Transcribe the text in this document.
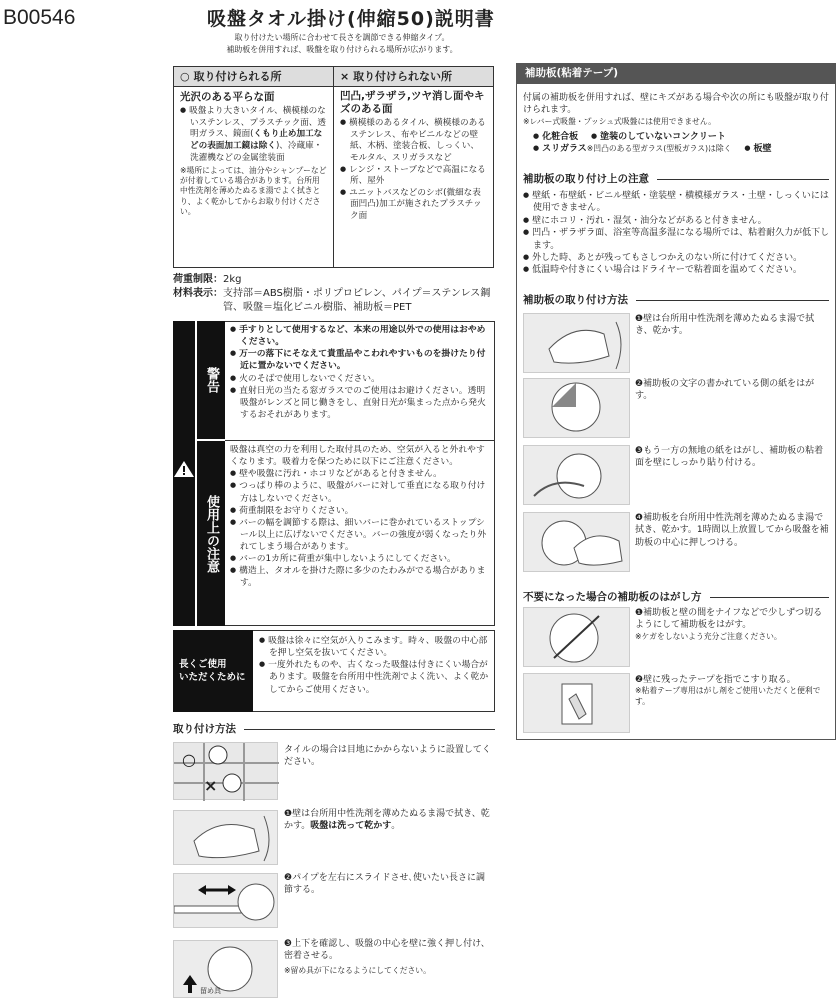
B00546	吸盤タオル掛け(伸縮50)説明書
取り付けたい場所に合わせて長さを調節できる伸縮タイプ。
補助板を併用すれば、吸盤を取り付けられる場所が広がります。
○ 取り付けられる所
光沢のある平らな面
● 吸盤より大きいタイル、横模様のないステンレス、プラスチック面、透明ガラス、鏡面(くもり止め加工などの表面加工鏡は除く)、冷蔵庫・洗濯機などの金属塗装面
※場所によっては、油分やシャンプーなどが付着している場合があります。台所用中性洗剤を薄めたぬるま湯でよく拭きとり、よく乾かしてからお取り付けください。
× 取り付けられない所
凹凸,ザラザラ,ツヤ消し面やキズのある面
● 横模様のあるタイル、横模様のあるステンレス、布やビニルなどの壁紙、木柄、塗装合板、しっくい、モルタル、スリガラスなど
● レンジ・ストーブなどで高温になる所、屋外
● ユニットバスなどのシボ(微細な表面凹凸)加工が施されたプラスチック面
荷重制限：2kg
材料表示： 支持部＝ABS樹脂・ポリプロピレン、パイプ＝ステンレス鋼管、吸盤＝塩化ビニル樹脂、補助板＝PET
警告
使用上の注意
● 手すりとして使用するなど、本来の用途以外での使用はおやめください。
● 万一の落下にそなえて貴重品やこわれやすいものを掛けたり付近に置かないでください。
● 火のそばで使用しないでください。
● 直射日光の当たる窓ガラスでのご使用はお避けください。透明吸盤がレンズと同じ働きをし、直射日光が集まった点から発火するおそれがあります。
吸盤は真空の力を利用した取付具のため、空気が入ると外れやすくなります。吸着力を保つために以下にご注意ください。
● 壁や吸盤に汚れ・ホコリなどがあると付きません。
● つっぱり棒のように、吸盤がバーに対して垂直になる取り付け方はしないでください。
● 荷重制限をお守りください。
● バーの幅を調節する際は、細いバーに巻かれているストップシール以上に広げないでください。バーの強度が弱くなったり外れてしまう場合があります。
● バーの1カ所に荷重が集中しないようにしてください。
● 構造上、タオルを掛けた際に多少のたわみがでる場合があります。
長くご使用
いただくために
● 吸盤は徐々に空気が入りこみます。時々、吸盤の中心部を押し空気を抜いてください。
● 一度外れたものや、古くなった吸盤は付きにくい場合があります。吸盤を台所用中性洗剤でよく洗い、よく乾かしてからご使用ください。
取り付け方法
○
×
タイルの場合は目地にかからないように設置してください。
❶壁は台所用中性洗剤を薄めたぬるま湯で拭き、乾かす。吸盤は洗って乾かす。
❷パイプを左右にスライドさせ､使いたい長さに調節する。
留め具
❸上下を確認し、吸盤の中心を壁に強く押し付け、密着させる。
※留め具が下になるようにしてください。
補助板(粘着テープ)
付属の補助板を併用すれば、壁にキズがある場合や次の所にも吸盤が取り付けられます。
※レバー式吸盤・プッシュ式吸盤には使用できません。
● 化粧合板 ● 塗装のしていないコンクリート
● スリガラス※凹凸のある型ガラス(型板ガラス)は除く ● 板壁
補助板の取り付け上の注意
● 壁紙・布壁紙・ビニル壁紙・塗装壁・横模様ガラス・土壁・しっくいには使用できません。
● 壁にホコリ・汚れ・湿気・油分などがあると付きません。
● 凹凸・ザラザラ面、浴室等高温多湿になる場所では、粘着耐久力が低下します。
● 外した時、あとが残ってもさしつかえのない所に付けてください。
● 低温時や付きにくい場合はドライヤーで粘着面を温めてください。
補助板の取り付け方法
❶壁は台所用中性洗剤を薄めたぬるま湯で拭き、乾かす。
❷補助板の文字の書かれている側の紙をはがす。
❸もう一方の無地の紙をはがし、補助板の粘着面を壁にしっかり貼り付ける。
❹補助板を台所用中性洗剤を薄めたぬるま湯で拭き、乾かす。1時間以上放置してから吸盤を補助板の中心に押しつける。
不要になった場合の補助板のはがし方
❶補助板と壁の間をナイフなどで少しずつ切るようにして補助板をはがす。
※ケガをしないよう充分ご注意ください。
❷壁に残ったテープを指でこすり取る。
※粘着テープ専用はがし剤をご使用いただくと便利です。
